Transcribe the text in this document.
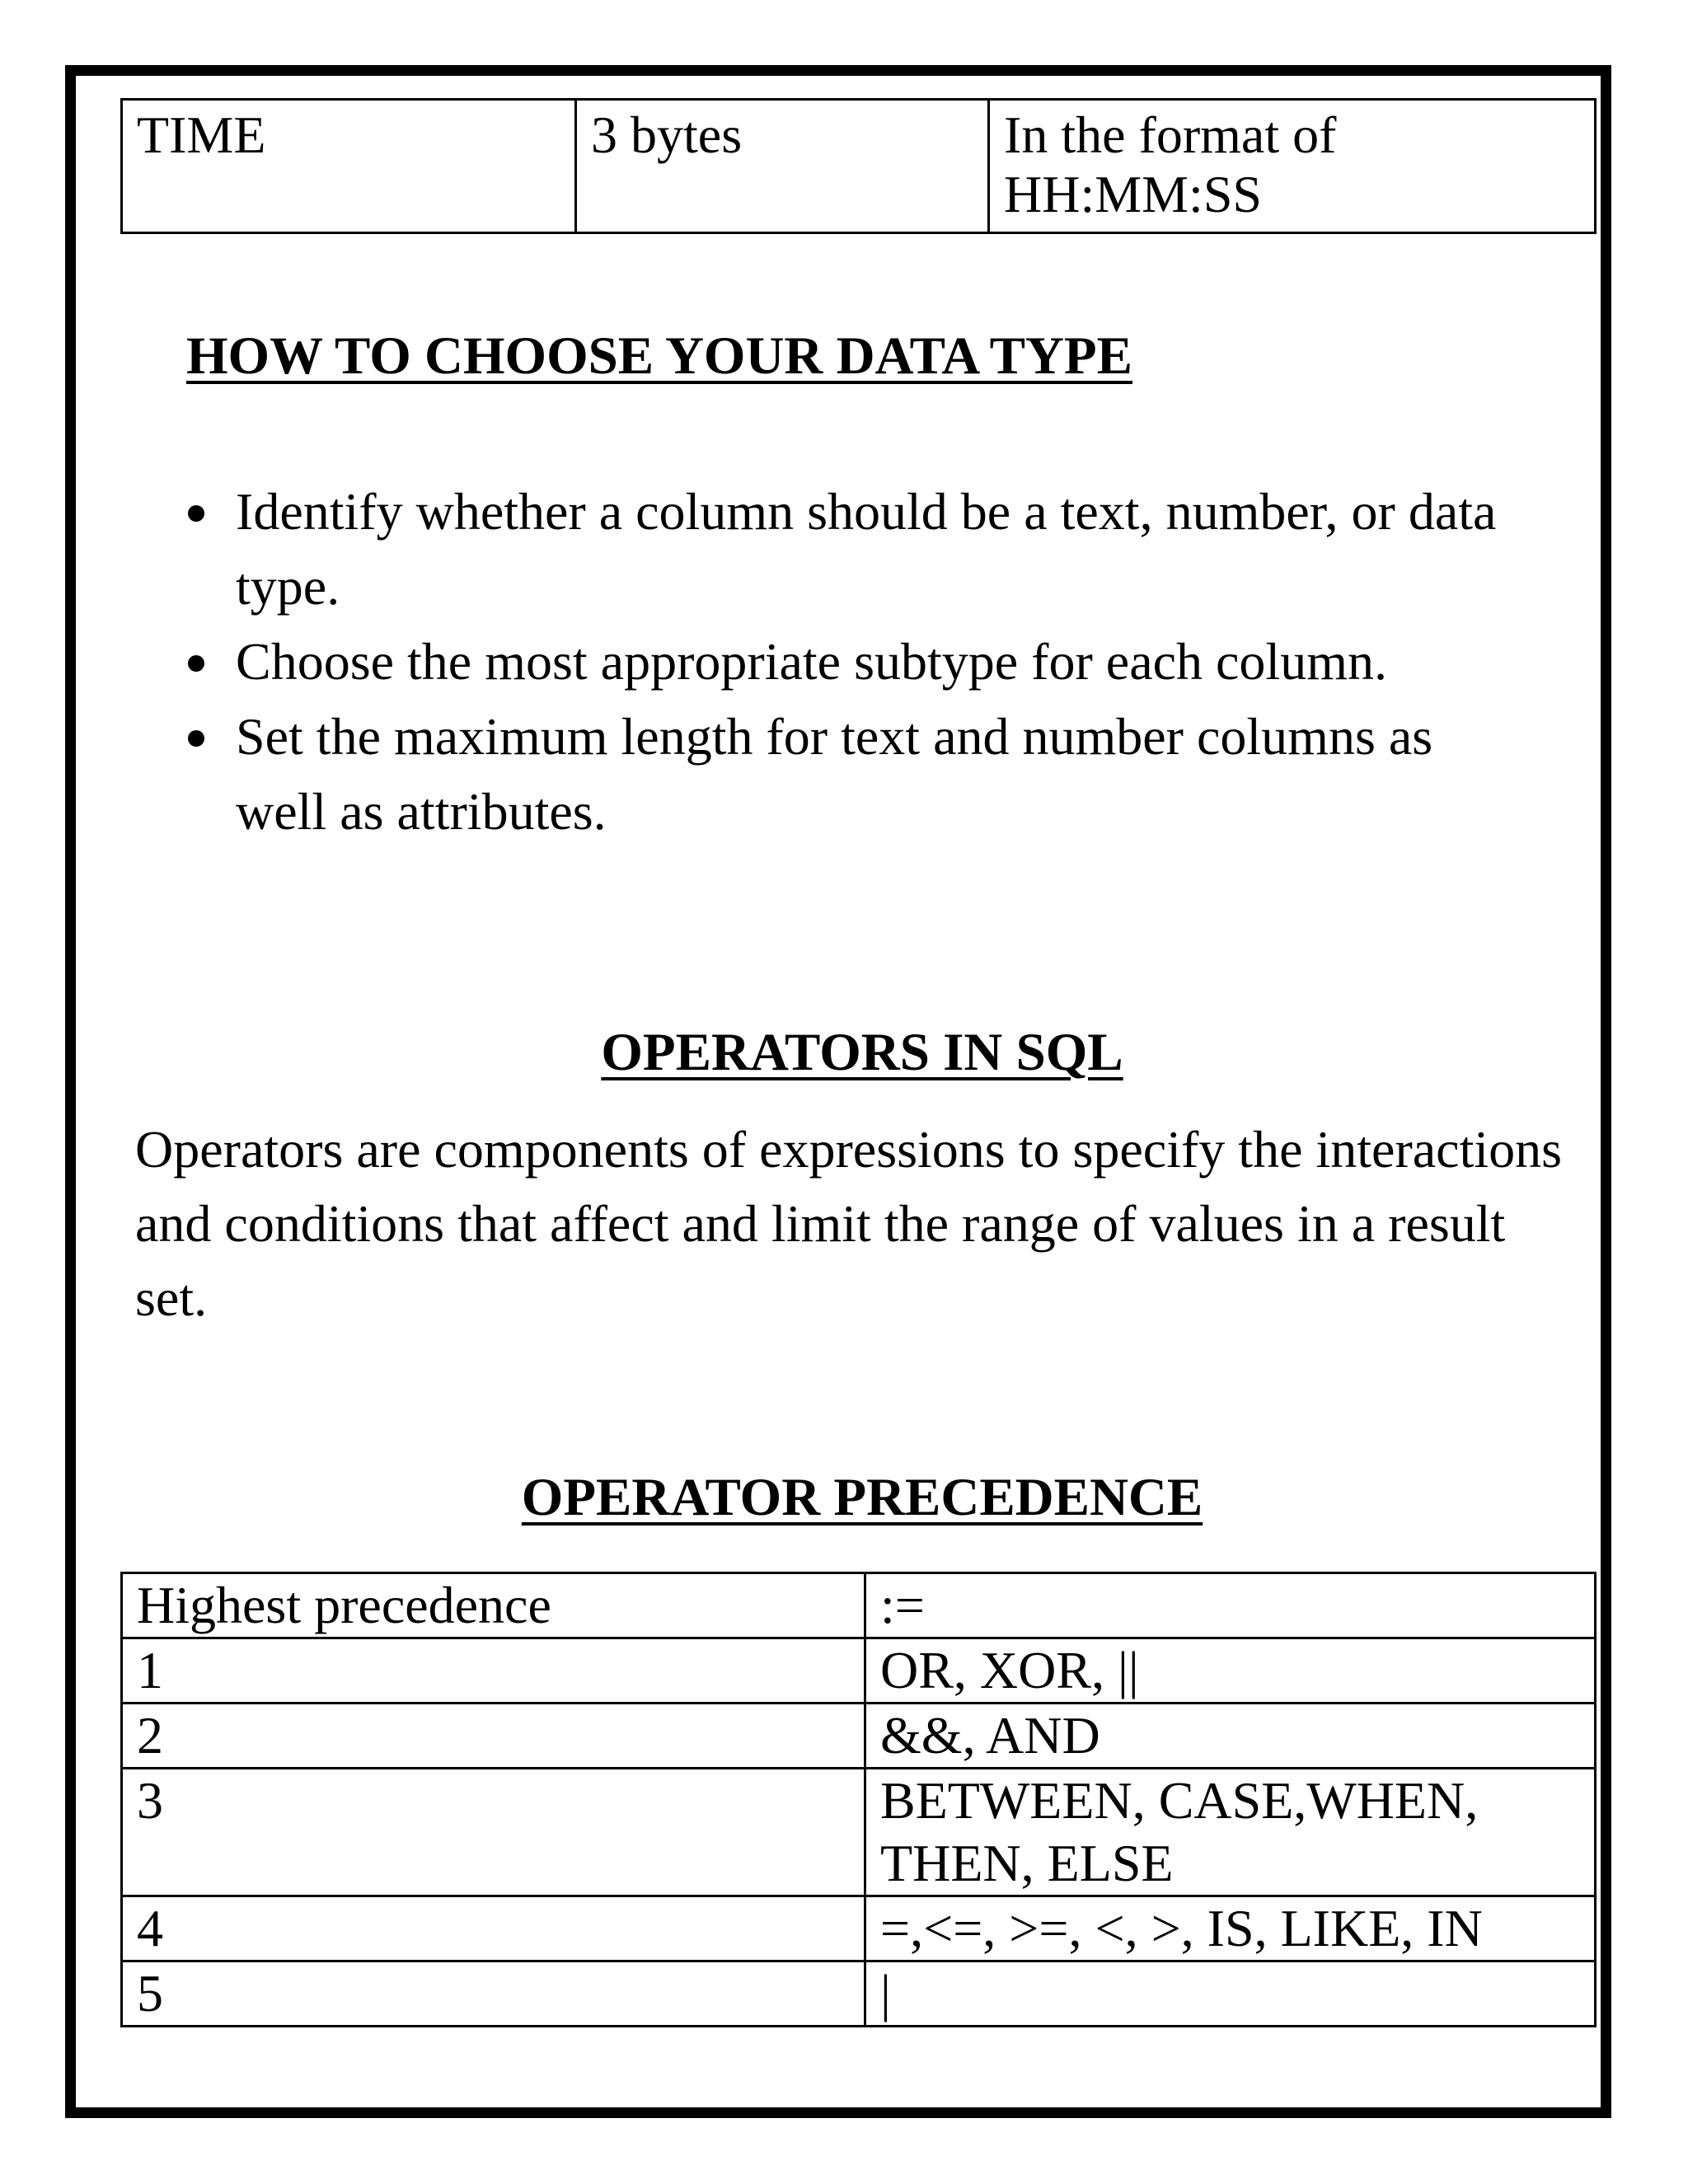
TIME	3 bytes	In the format of HH:MM:SS
HOW TO CHOOSE YOUR DATA TYPE
Identify whether a column should be a text, number, or data type.
Choose the most appropriate subtype for each column.
Set the maximum length for text and number columns as well as attributes.
OPERATORS IN SQL

Operators are components of expressions to specify the interactions and conditions that affect and limit the range of values in a result set.

OPERATOR PRECEDENCE
Highest precedence	:=
1	OR, XOR, ||
2	&&, AND
3	BETWEEN, CASE,WHEN, THEN, ELSE
4	=,<=, >=, <, >, IS, LIKE, IN
5	|
